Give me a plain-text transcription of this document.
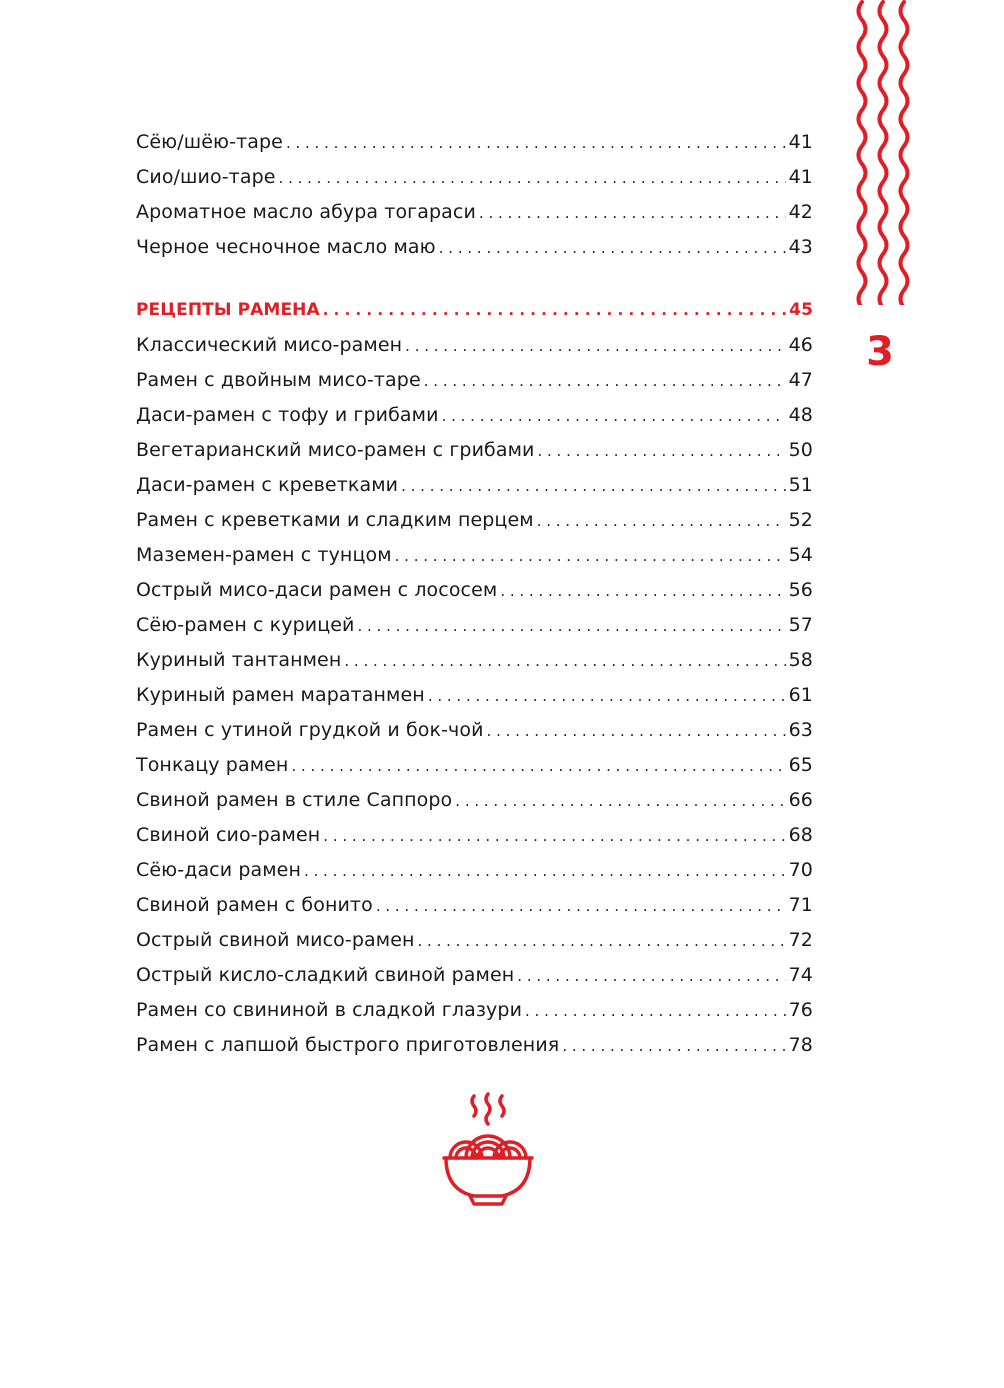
3
Сёю/шёю-таре . . .	41
Сио/шио-таре . . .	41
Ароматное масло абура тогараси . . .	42
Черное чесночное масло маю . . .	43
РЕЦЕПТЫ РАМЕНА . . .	45
Классический мисо-рамен . . .	46
Рамен с двойным мисо-таре . . .	47
Даси-рамен с тофу и грибами . . .	48
Вегетарианский мисо-рамен с грибами . . .	50
Даси-рамен с креветками . . .	51
Рамен с креветками и сладким перцем . . .	52
Маземен-рамен с тунцом . . .	54
Острый мисо-даси рамен с лососем . . .	56
Сёю-рамен с курицей . . .	57
Куриный тантанмен . . .	58
Куриный рамен маратанмен . . .	61
Рамен с утиной грудкой и бок-чой . . .	63
Тонкацу рамен . . .	65
Свиной рамен в стиле Саппоро . . .	66
Свиной сио-рамен . . .	68
Сёю-даси рамен . . .	70
Свиной рамен с бонито . . .	71
Острый свиной мисо-рамен . . .	72
Острый кисло-сладкий свиной рамен . . .	74
Рамен со свининой в сладкой глазури . . .	76
Рамен с лапшой быстрого приготовления . . .	78
